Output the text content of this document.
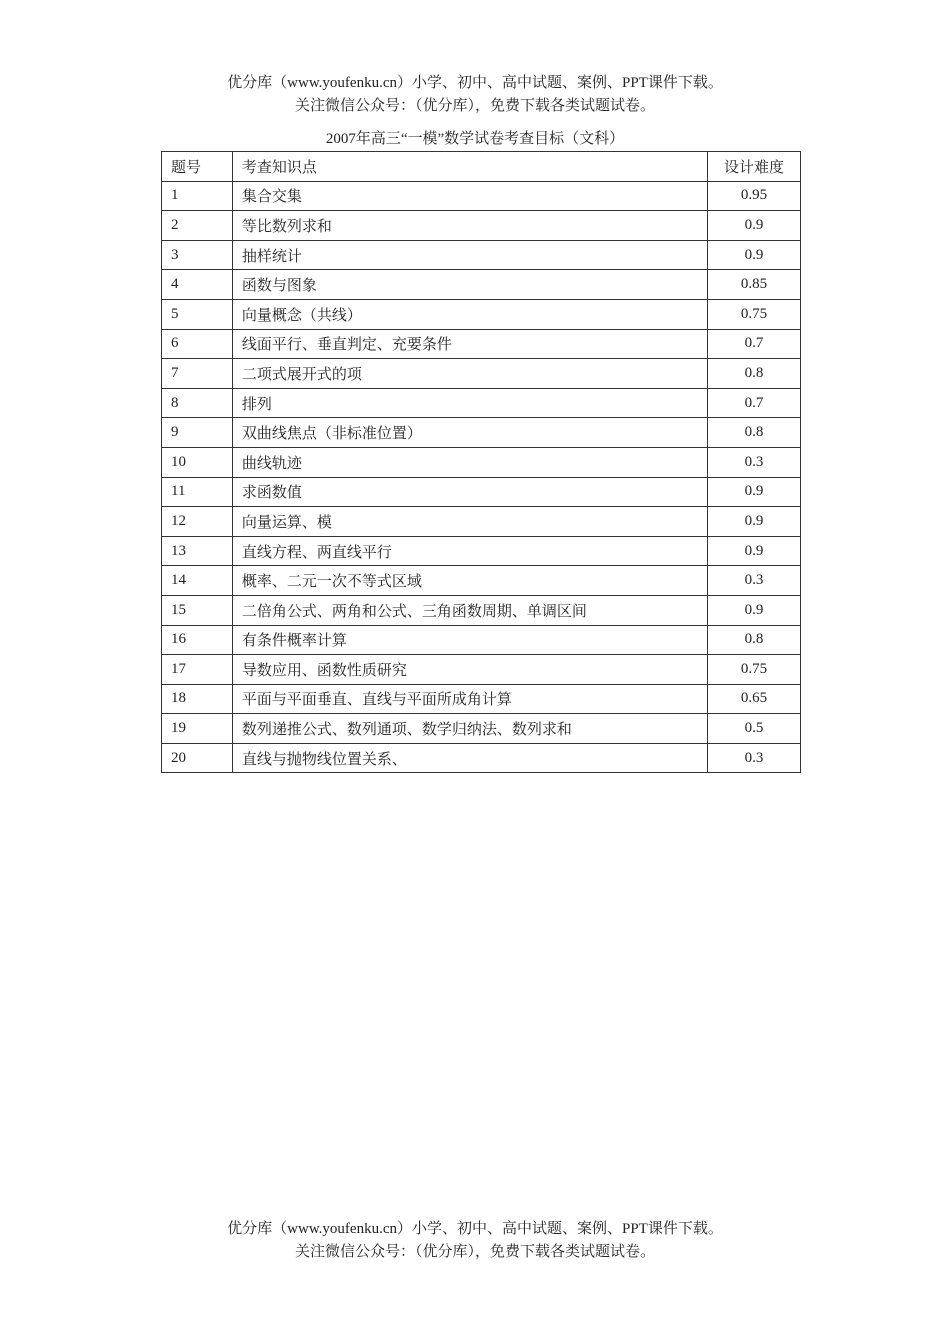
优分库（www.youfenku.cn）小学、初中、高中试题、案例、PPT课件下载。
关注微信公众号：（优分库），免费下载各类试题试卷。
2007年高三“一模”数学试卷考查目标（文科）
题号	考查知识点	设计难度
1	集合交集	0.95
2	等比数列求和	0.9
3	抽样统计	0.9
4	函数与图象	0.85
5	向量概念（共线）	0.75
6	线面平行、垂直判定、充要条件	0.7
7	二项式展开式的项	0.8
8	排列	0.7
9	双曲线焦点（非标准位置）	0.8
10	曲线轨迹	0.3
11	求函数值	0.9
12	向量运算、模	0.9
13	直线方程、两直线平行	0.9
14	概率、二元一次不等式区域	0.3
15	二倍角公式、两角和公式、三角函数周期、单调区间	0.9
16	有条件概率计算	0.8
17	导数应用、函数性质研究	0.75
18	平面与平面垂直、直线与平面所成角计算	0.65
19	数列递推公式、数列通项、数学归纳法、数列求和	0.5
20	直线与抛物线位置关系、	0.3
优分库（www.youfenku.cn）小学、初中、高中试题、案例、PPT课件下载。
关注微信公众号：（优分库），免费下载各类试题试卷。
